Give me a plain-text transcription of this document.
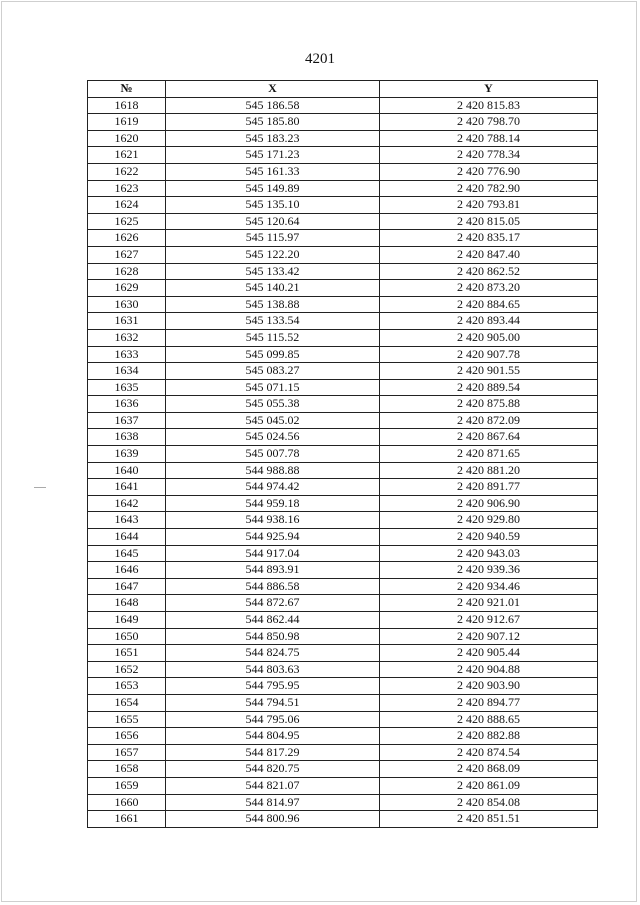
4201
№	X	Y
1618	545 186.58	2 420 815.83
1619	545 185.80	2 420 798.70
1620	545 183.23	2 420 788.14
1621	545 171.23	2 420 778.34
1622	545 161.33	2 420 776.90
1623	545 149.89	2 420 782.90
1624	545 135.10	2 420 793.81
1625	545 120.64	2 420 815.05
1626	545 115.97	2 420 835.17
1627	545 122.20	2 420 847.40
1628	545 133.42	2 420 862.52
1629	545 140.21	2 420 873.20
1630	545 138.88	2 420 884.65
1631	545 133.54	2 420 893.44
1632	545 115.52	2 420 905.00
1633	545 099.85	2 420 907.78
1634	545 083.27	2 420 901.55
1635	545 071.15	2 420 889.54
1636	545 055.38	2 420 875.88
1637	545 045.02	2 420 872.09
1638	545 024.56	2 420 867.64
1639	545 007.78	2 420 871.65
1640	544 988.88	2 420 881.20
1641	544 974.42	2 420 891.77
1642	544 959.18	2 420 906.90
1643	544 938.16	2 420 929.80
1644	544 925.94	2 420 940.59
1645	544 917.04	2 420 943.03
1646	544 893.91	2 420 939.36
1647	544 886.58	2 420 934.46
1648	544 872.67	2 420 921.01
1649	544 862.44	2 420 912.67
1650	544 850.98	2 420 907.12
1651	544 824.75	2 420 905.44
1652	544 803.63	2 420 904.88
1653	544 795.95	2 420 903.90
1654	544 794.51	2 420 894.77
1655	544 795.06	2 420 888.65
1656	544 804.95	2 420 882.88
1657	544 817.29	2 420 874.54
1658	544 820.75	2 420 868.09
1659	544 821.07	2 420 861.09
1660	544 814.97	2 420 854.08
1661	544 800.96	2 420 851.51
